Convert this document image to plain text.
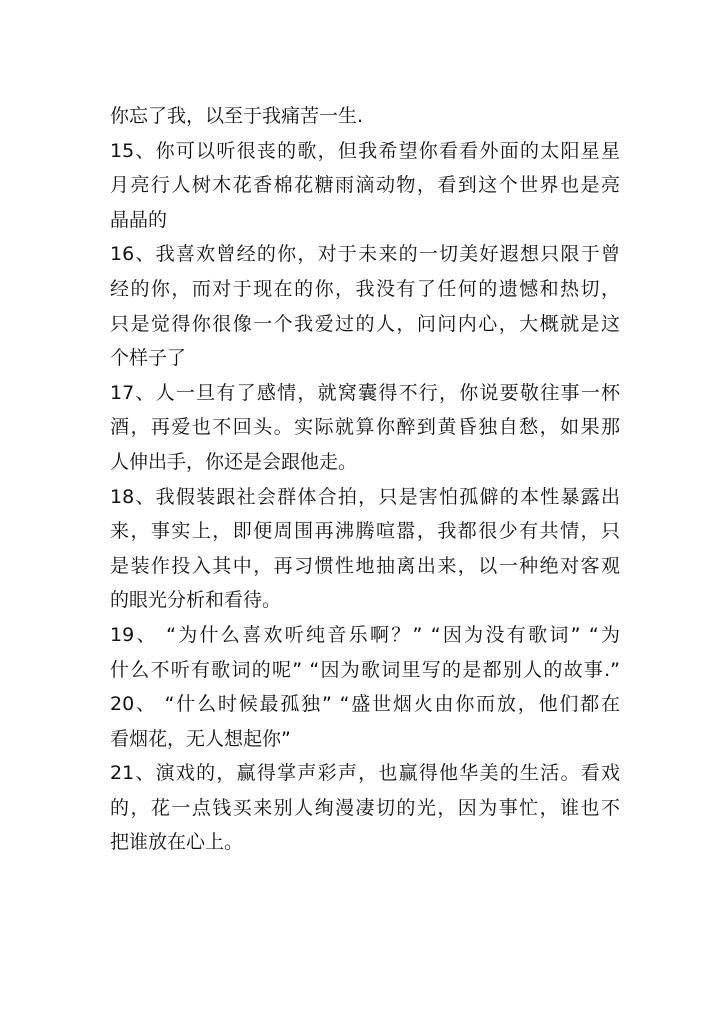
你忘了我，以至于我痛苦一生.
15、你可以听很丧的歌，但我希望你看看外面的太阳星星
月亮行人树木花香棉花糖雨滴动物，看到这个世界也是亮
晶晶的
16、我喜欢曾经的你，对于未来的一切美好遐想只限于曾
经的你，而对于现在的你，我没有了任何的遗憾和热切，
只是觉得你很像一个我爱过的人，问问内心，大概就是这
个样子了
17、人一旦有了感情，就窝囊得不行，你说要敬往事一杯
酒，再爱也不回头。实际就算你醉到黄昏独自愁，如果那
人伸出手，你还是会跟他走。
18、我假装跟社会群体合拍，只是害怕孤僻的本性暴露出
来，事实上，即便周围再沸腾喧嚣，我都很少有共情，只
是装作投入其中，再习惯性地抽离出来，以一种绝对客观
的眼光分析和看待。
19、 “为什么喜欢听纯音乐啊？” “因为没有歌词” “为
什么不听有歌词的呢” “因为歌词里写的是都别人的故事.”
20、 “什么时候最孤独” “盛世烟火由你而放，他们都在
看烟花，无人想起你”
21、演戏的，赢得掌声彩声，也赢得他华美的生活。看戏
的，花一点钱买来别人绚漫凄切的光，因为事忙，谁也不
把谁放在心上。
